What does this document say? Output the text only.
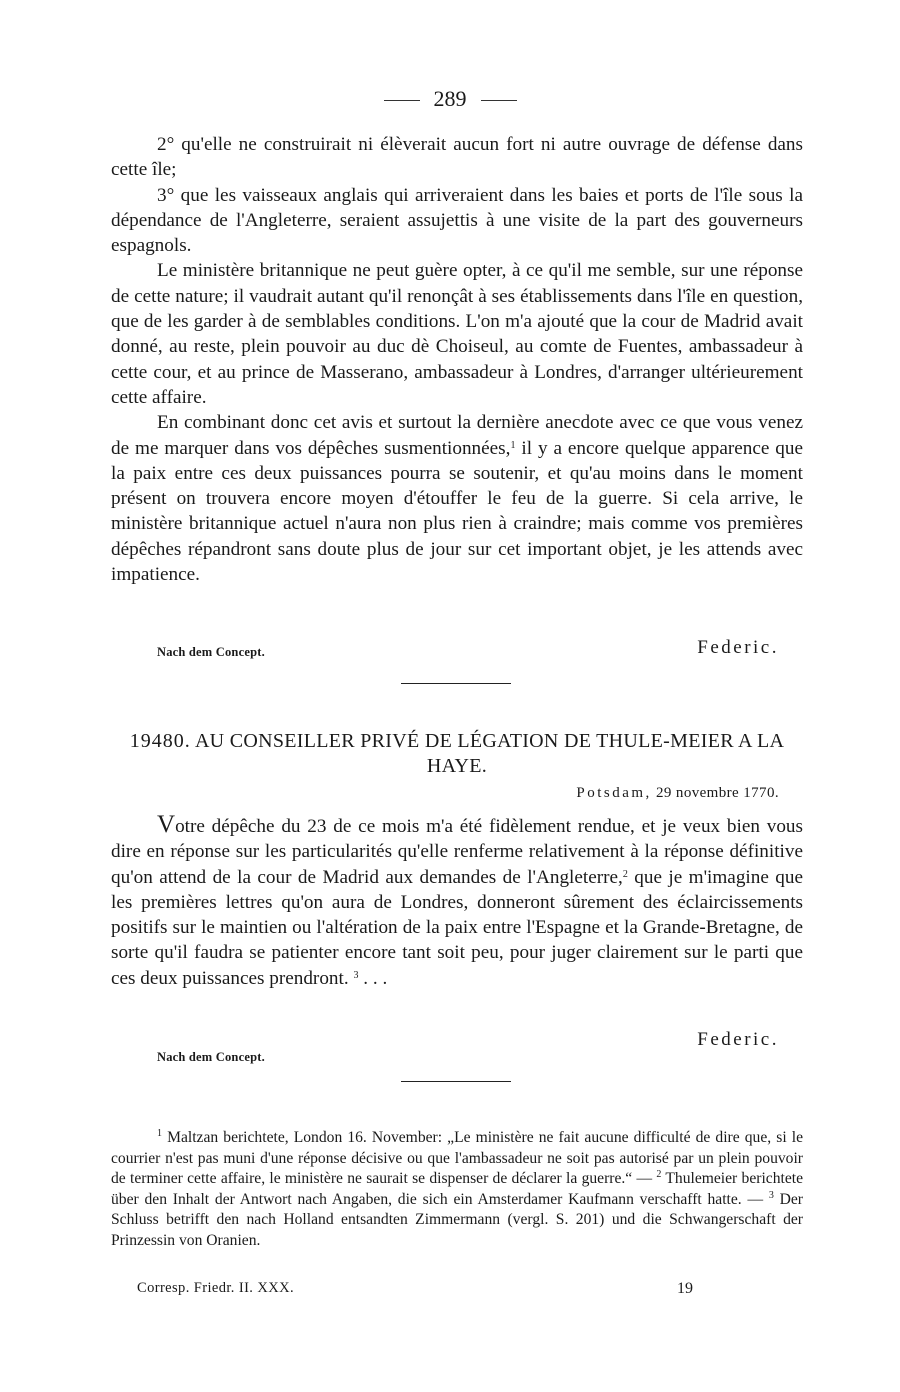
289

2° qu'elle ne construirait ni élèverait aucun fort ni autre ouvrage de défense dans cette île;

3° que les vaisseaux anglais qui arriveraient dans les baies et ports de l'île sous la dépendance de l'Angleterre, seraient assujettis à une visite de la part des gouverneurs espagnols.

Le ministère britannique ne peut guère opter, à ce qu'il me semble, sur une réponse de cette nature; il vaudrait autant qu'il renonçât à ses établissements dans l'île en question, que de les garder à de semblables conditions. L'on m'a ajouté que la cour de Madrid avait donné, au reste, plein pouvoir au duc dè Choiseul, au comte de Fuentes, ambassadeur à cette cour, et au prince de Masserano, ambassadeur à Londres, d'arranger ultérieurement cette affaire.

En combinant donc cet avis et surtout la dernière anecdote avec ce que vous venez de me marquer dans vos dépêches susmentionnées,$^1$ il y a encore quelque apparence que la paix entre ces deux puissances pourra se soutenir, et qu'au moins dans le moment présent on trouvera encore moyen d'étouffer le feu de la guerre. Si cela arrive, le ministère britannique actuel n'aura non plus rien à craindre; mais comme vos premières dépêches répandront sans doute plus de jour sur cet important objet, je les attends avec impatience.

Nach dem Concept.	Federic.
19480. AU CONSEILLER PRIVÉ DE LÉGATION DE THULE-MEIER A LA HAYE.
Potsdam, 29 novembre 1770.

Votre dépêche du 23 de ce mois m'a été fidèlement rendue, et je veux bien vous dire en réponse sur les particularités qu'elle renferme relativement à la réponse définitive qu'on attend de la cour de Madrid aux demandes de l'Angleterre,$^2$ que je m'imagine que les premières lettres qu'on aura de Londres, donneront sûrement des éclaircissements positifs sur le maintien ou l'altération de la paix entre l'Espagne et la Grande-Bretagne, de sorte qu'il faudra se patienter encore tant soit peu, pour juger clairement sur le parti que ces deux puissances prendront. $^3$ . . .

Nach dem Concept.
Federic.

$^1$ Maltzan berichtete, London 16. November: „Le ministère ne fait aucune difficulté de dire que, si le courrier n'est pas muni d'une réponse décisive ou que l'ambassadeur ne soit pas autorisé par un plein pouvoir de terminer cette affaire, le ministère ne saurait se dispenser de déclarer la guerre.“ — $^2$ Thulemeier berichtete über den Inhalt der Antwort nach Angaben, die sich ein Amsterdamer Kaufmann verschafft hatte. — $^3$ Der Schluss betrifft den nach Holland entsandten Zimmermann (vergl. S. 201) und die Schwangerschaft der Prinzessin von Oranien.

Corresp. Friedr. II. XXX.	19
